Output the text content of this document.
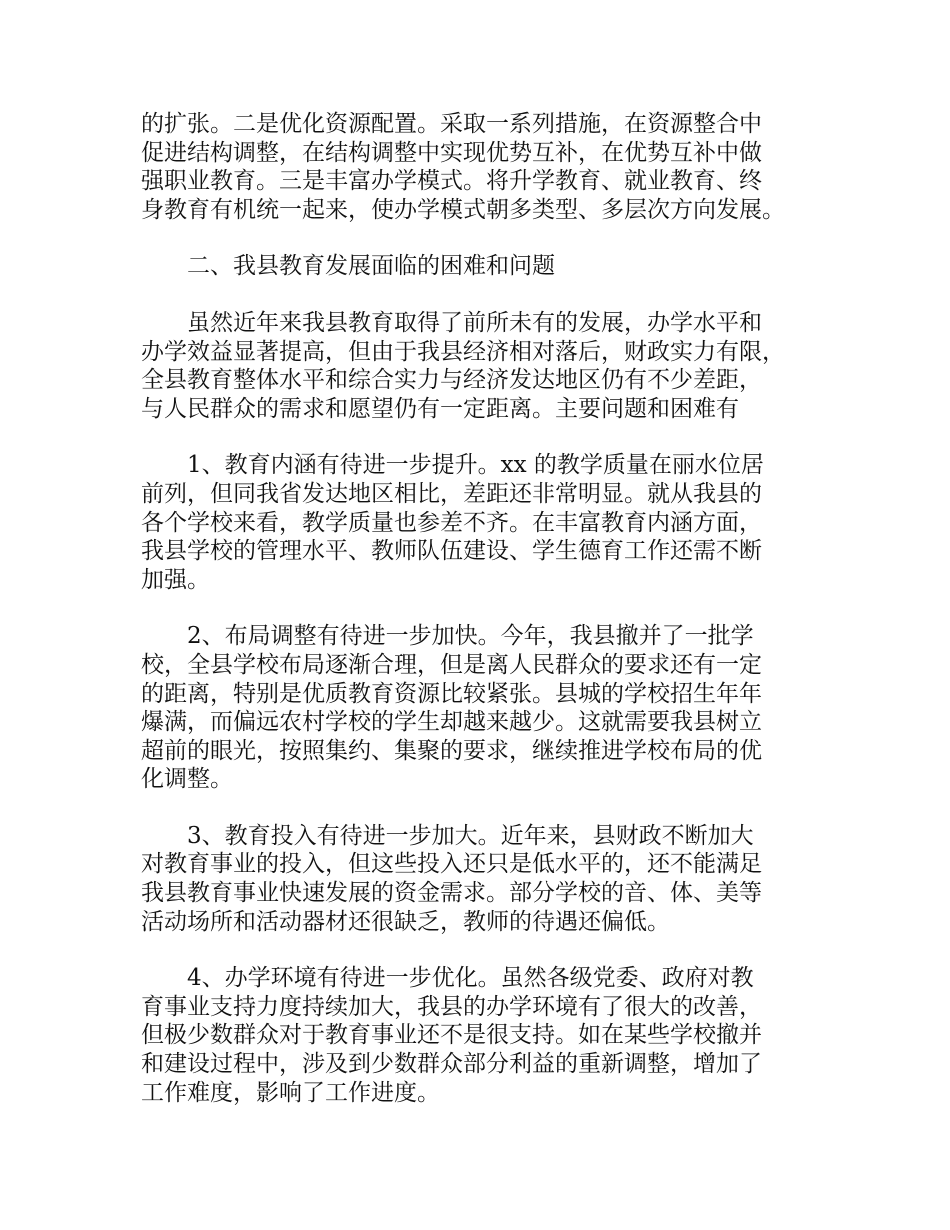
的扩张。二是优化资源配置。采取一系列措施，在资源整合中
促进结构调整，在结构调整中实现优势互补，在优势互补中做
强职业教育。三是丰富办学模式。将升学教育、就业教育、终
身教育有机统一起来，使办学模式朝多类型、多层次方向发展。
二、我县教育发展面临的困难和问题
虽然近年来我县教育取得了前所未有的发展，办学水平和
办学效益显著提高，但由于我县经济相对落后，财政实力有限，
全县教育整体水平和综合实力与经济发达地区仍有不少差距，
与人民群众的需求和愿望仍有一定距离。主要问题和困难有
1、教育内涵有待进一步提升。xx 的教学质量在丽水位居
前列，但同我省发达地区相比，差距还非常明显。就从我县的
各个学校来看，教学质量也参差不齐。在丰富教育内涵方面，
我县学校的管理水平、教师队伍建设、学生德育工作还需不断
加强。
2、布局调整有待进一步加快。今年，我县撤并了一批学
校，全县学校布局逐渐合理，但是离人民群众的要求还有一定
的距离，特别是优质教育资源比较紧张。县城的学校招生年年
爆满，而偏远农村学校的学生却越来越少。这就需要我县树立
超前的眼光，按照集约、集聚的要求，继续推进学校布局的优
化调整。
3、教育投入有待进一步加大。近年来，县财政不断加大
对教育事业的投入，但这些投入还只是低水平的，还不能满足
我县教育事业快速发展的资金需求。部分学校的音、体、美等
活动场所和活动器材还很缺乏，教师的待遇还偏低。
4、办学环境有待进一步优化。虽然各级党委、政府对教
育事业支持力度持续加大，我县的办学环境有了很大的改善，
但极少数群众对于教育事业还不是很支持。如在某些学校撤并
和建设过程中，涉及到少数群众部分利益的重新调整，增加了
工作难度，影响了工作进度。
